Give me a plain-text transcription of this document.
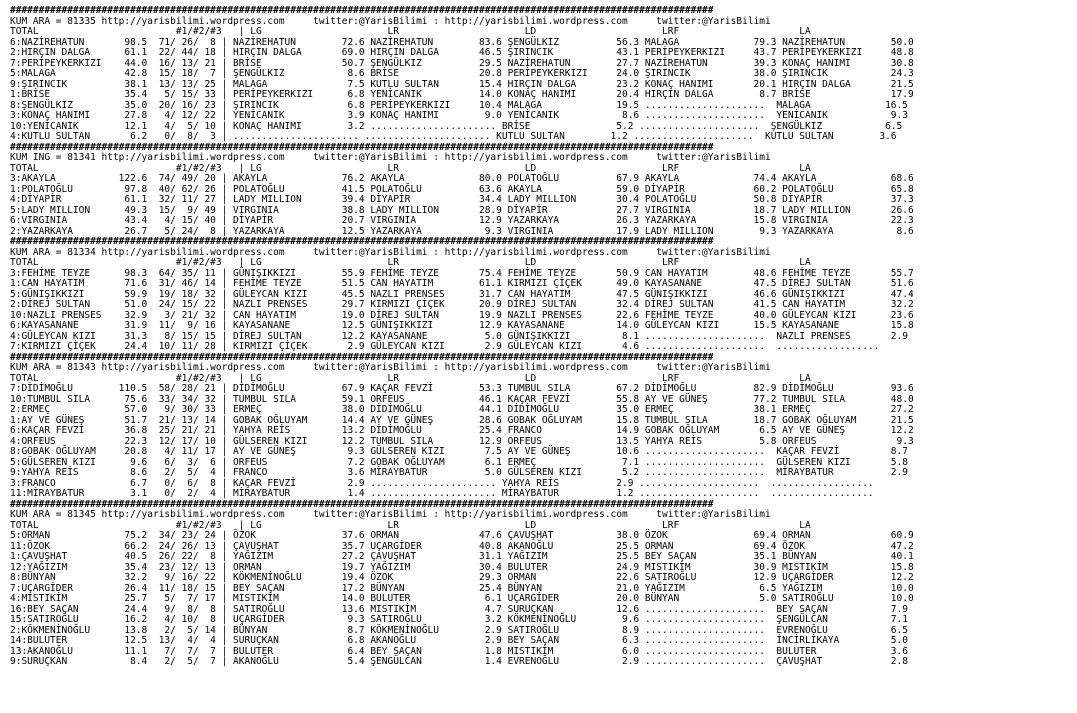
###########################################################################################################################
KUM ARA = 81335 http://yarisbilimi.wordpress.com     twitter:@YarisBilimi : http://yarisbilimi.wordpress.com     twitter:@YarisBilimi
TOTAL                        #1/#2/#3   | LG                      LR                      LD                      LRF                     LA
6:NAZİREHATUN       98.5  71/ 26/  8 | NAZİREHATUN        72.6 NAZİREHATUN        83.6 ŞENGÜLKIZ          56.3 MALAGA             79.3 NAZİREHATUN        50.0
2:HIRÇIN DALGA      61.1  22/ 44/ 18 | HIRÇIN DALGA       69.0 HIRÇIN DALGA       46.5 ŞIRINCIK           43.1 PERİPEYKERKIZI     43.7 PERİPEYKERKIZI     48.8
7:PERİPEYKERKIZI    44.0  16/ 13/ 21 | BRİSE              50.7 ŞENGÜLKIZ          29.5 NAZİREHATUN        27.7 NAZİREHATUN        39.3 KONAÇ HANIMI       30.8
5:MALAGA            42.8  15/ 18/  7 | ŞENGÜLKIZ           8.6 BRİSE              20.8 PERİPEYKERKIZI     24.0 ŞIRINCIK           38.0 ŞIRINCIK           24.3
9:ŞIRINCIK          38.1  13/ 13/ 25 | MALAGA              7.5 KUTLU SULTAN       15.4 HIRÇIN DALGA       23.2 KONAÇ HANIMI       20.1 HIRÇIN DALGA       21.5
1:BRİSE             35.4   5/ 15/ 33 | PERİPEYKERKIZI      6.8 YENİCANIK          14.0 KONAÇ HANIMI       20.4 HIRÇIN DALGA        8.7 BRİSE              17.9
8:ŞENGÜLKIZ         35.0  20/ 16/ 23 | ŞIRINCIK            6.8 PERİPEYKERKIZI     10.4 MALAGA             19.5 .....................  MALAGA             16.5
3:KONAÇ HANIMI      27.8   4/ 12/ 22 | YENİCANIK           3.9 KONAÇ HANIMI        9.0 YENİCANIK           8.6 .....................  YENİCANIK           9.3
10:YENİCANIK        12.1   4/  5/ 10 | KONAÇ HANIMI        3.2 ...................... BRİSE               5.2 .....................  ŞENGÜLKIZ           6.5
4:KUTLU SULTAN       6.2   0/  8/  3 | ...................... ...................... KUTLU SULTAN        1.2 .....................  KUTLU SULTAN        3.6
###########################################################################################################################
KUM ING = 81341 http://yarisbilimi.wordpress.com     twitter:@YarisBilimi : http://yarisbilimi.wordpress.com     twitter:@YarisBilimi
TOTAL                        #1/#2/#3   | LG                      LR                      LD                      LRF                     LA
3:AKAYLA           122.6  74/ 49/ 20 | AKAYLA             76.2 AKAYLA             80.0 POLATOĞLU          67.9 AKAYLA             74.4 AKAYLA             68.6
1:POLATOĞLU         97.8  40/ 62/ 26 | POLATOĞLU          41.5 POLATOĞLU          63.6 AKAYLA             59.0 DİYAPİR            60.2 POLATOĞLU          65.8
4:DİYAPİR           61.1  32/ 11/ 27 | LADY MILLION       39.4 DİYAPİR            34.4 LADY MILLION       30.4 POLATOĞLU          50.8 DİYAPİR            37.3
5:LADY MILLION      49.3  15/  9/ 49 | VIRGINIA           38.8 LADY MILLION       28.9 DİYAPİR            27.7 VIRGINIA           18.7 LADY MILLION       26.6
6:VIRGINIA          43.4   4/ 15/ 40 | DİYAPİR            20.7 VIRGINIA           12.9 YAZARKAYA          26.3 YAZARKAYA          15.8 VIRGINIA           22.3
2:YAZARKAYA         26.7   5/ 24/  8 | YAZARKAYA          12.5 YAZARKAYA           9.3 VIRGINIA           17.9 LADY MILLION        9.3 YAZARKAYA           8.6
###########################################################################################################################
KUM ARA = 81334 http://yarisbilimi.wordpress.com     twitter:@YarisBilimi : http://yarisbilimi.wordpress.com     twitter:@YarisBilimi
TOTAL                        #1/#2/#3   | LG                      LR                      LD                      LRF                     LA
3:FEHİME TEYZE      98.3  64/ 35/ 11 | GÜNIŞIKKIZI        55.9 FEHİME TEYZE       75.4 FEHİME TEYZE       50.9 CAN HAYATIM        48.6 FEHİME TEYZE       55.7
1:CAN HAYATIM       71.6  31/ 46/ 14 | FEHİME TEYZE       51.5 CAN HAYATIM        61.1 KIRMIZI ÇİÇEK      49.0 KAYASANANE         47.5 DİREJ SULTAN       51.6
5:GÜNIŞIKKIZI       59.9  19/ 18/ 32 | GÜLEYCAN KIZI      45.5 NAZLI PRENSES      31.7 CAN HAYATIM        47.5 GÜNIŞIKKIZI        46.6 GÜNIŞIKKIZI        47.4
2:DİREJ SULTAN      51.0  24/ 15/ 22 | NAZLI PRENSES      29.7 KIRMIZI ÇİÇEK      20.9 DİREJ SULTAN       32.4 DİREJ SULTAN       41.5 CAN HAYATIM        32.2
10:NAZLI PRENSES    32.9   3/ 21/ 32 | CAN HAYATIM        19.0 DİREJ SULTAN       19.9 NAZLI PRENSES      22.6 FEHİME TEYZE       40.0 GÜLEYCAN KIZI      23.6
6:KAYASANANE        31.9  11/  9/ 16 | KAYASANANE         12.5 GÜNIŞIKKIZI        12.9 KAYASANANE         14.0 GÜLEYCAN KIZI      15.5 KAYASANANE         15.8
4:GÜLEYCAN KIZI     31.3   8/ 15/ 15 | DİREJ SULTAN       12.2 KAYASANANE          5.0 GÜNIŞIKKIZI         8.1 .....................  NAZLI PRENSES       2.9
7:KIRMIZI ÇİÇEK     24.4  10/ 11/ 28 | KIRMIZI ÇİÇEK       2.9 GÜLEYCAN KIZI       2.9 GÜLEYCAN KIZI       4.6 .....................  ..................
###########################################################################################################################
KUM ARA = 81343 http://yarisbilimi.wordpress.com     twitter:@YarisBilimi : http://yarisbilimi.wordpress.com     twitter:@YarisBilimi
TOTAL                        #1/#2/#3   | LG                      LR                      LD                      LRF                     LA
7:DİDİMOĞLU        110.5  58/ 28/ 21 | DİDİMOĞLU          67.9 KAÇAR FEVZİ        53.3 TUMBUL SILA        67.2 DİDİMOĞLU          82.9 DİDİMOĞLU          93.6
10:TUMBUL SILA      75.6  33/ 34/ 32 | TUMBUL SILA        59.1 ORFEUS             46.1 KAÇAR FEVZİ        55.8 AY VE GÜNEŞ        77.2 TUMBUL SILA        48.0
2:ERMEÇ             57.0   9/ 30/ 33 | ERMEÇ              38.0 DİDİMOĞLU          44.1 DİDİMOĞLU          35.0 ERMEÇ              38.1 ERMEÇ              27.2
1:AY VE GÜNEŞ       51.7  21/ 13/ 14 | GOBAK OĞLUYAM      14.4 AY VE GÜNEŞ        28.6 GOBAK OĞLUYAM      15.8 TUMBUL SILA        18.7 GOBAK OĞLUYAM      21.5
6:KAÇAR FEVZİ       36.8  25/ 21/ 21 | YAHYA REİS         13.2 DİDİMOĞLU          25.4 FRANCO             14.9 GOBAK OĞLUYAM       6.5 AY VE GÜNEŞ        12.2
4:ORFEUS            22.3  12/ 17/ 10 | GÜLSEREN KIZI      12.2 TUMBUL SILA        12.9 ORFEUS             13.5 YAHYA REİS          5.8 ORFEUS              9.3
8:GOBAK OĞLUYAM     20.8   4/ 11/ 17 | AY VE GÜNEŞ         9.3 GÜLSEREN KIZI       7.5 AY VE GÜNEŞ        10.6 .....................  KAÇAR FEVZİ         8.7
5:GÜLSEREN KIZI      9.6   6/  3/  6 | ORFEUS              7.2 GOBAK OĞLUYAM       6.1 ERMEÇ               7.1 .....................  GÜLSEREN KIZI       5.8
9:YAHYA REİS         8.6   2/  5/  4 | FRANCO              3.6 MİRAYBATUR          5.0 GÜLSEREN KIZI       5.2 .....................  MİRAYBATUR          2.9
3:FRANCO             6.7   0/  6/  8 | KAÇAR FEVZİ         2.9 ...................... YAHYA REİS          2.9 .....................  ..................
11:MİRAYBATUR        3.1   0/  2/  4 | MİRAYBATUR          1.4 ...................... MİRAYBATUR          1.2 .....................  ..................
###########################################################################################################################
KUM ARA = 81345 http://yarisbilimi.wordpress.com     twitter:@YarisBilimi : http://yarisbilimi.wordpress.com     twitter:@YarisBilimi
TOTAL                        #1/#2/#3   | LG                      LR                      LD                      LRF                     LA
5:ORMAN             75.2  34/ 23/ 24 | ÖZOK               37.6 ORMAN              47.6 ÇAVUŞHAT           38.0 ÖZOK               69.4 ORMAN              60.9
11:ÖZOK             66.2  24/ 26/ 13 | ÇAVUŞHAT           35.7 UÇARGİDER          40.8 AKANOĞLU           25.5 ORMAN              69.4 ÖZOK               47.2
1:ÇAVUŞHAT          40.5  26/ 22/  8 | YAĞIZIM            27.2 ÇAVUŞHAT           31.1 YAĞIZIM            25.5 BEY SAÇAN          35.1 BÜNYAN             40.1
12:YAĞIZIM          35.4  23/ 12/ 13 | ORMAN              19.7 YAĞIZIM            30.4 BULUTER            24.9 MISTIKİM           30.9 MISTIKİM           15.8
8:BÜNYAN            32.2   9/ 16/ 22 | KÖKMENİNOĞLU       19.4 ÖZOK               29.3 ORMAN              22.6 SATIROĞLU          12.9 UÇARGİDER          12.2
7:UÇARGİDER         26.4  11/ 18/ 15 | BEY SAÇAN          17.2 BÜNYAN             25.4 BÜNYAN             21.0 YAĞIZIM             6.5 YAĞIZIM            10.0
4:MISTIKİM          25.7   5/  7/ 17 | MISTIKİM           14.0 BULUTER             6.1 UÇARGİDER          20.0 BÜNYAN              5.0 SATIROĞLU          10.0
16:BEY SAÇAN        24.4   9/  8/  8 | SATIROĞLU          13.6 MISTIKİM            4.7 SURUÇKAN           12.6 .....................  BEY SAÇAN           7.9
15:SATIROĞLU        16.2   4/ 10/  8 | UÇARGİDER           9.3 SATIROĞLU           3.2 KÖKMENİNOĞLU        9.6 .....................  ŞENGÜLCAN           7.1
2:KÖKMENİNOĞLU      13.8   2/  5/ 14 | BÜNYAN              8.7 KÖKMENİNOĞLU        2.9 SATIROĞLU           8.9 .....................  EVRENOĞLU           6.5
14:BULUTER          12.5  13/  4/  4 | SURUÇKAN            6.8 AKANOĞLU            2.9 BEY SAÇAN           6.3 .....................  İNCİRLİKAYA         5.0
13:AKANOĞLU         11.1   7/  7/  7 | BULUTER             6.4 BEY SAÇAN           1.8 MISTIKİM            6.0 .....................  BULUTER             3.6
9:SURUÇKAN           8.4   2/  5/  7 | AKANOĞLU            5.4 ŞENGÜLCAN           1.4 EVRENOĞLU           2.9 .....................  ÇAVUŞHAT            2.8
